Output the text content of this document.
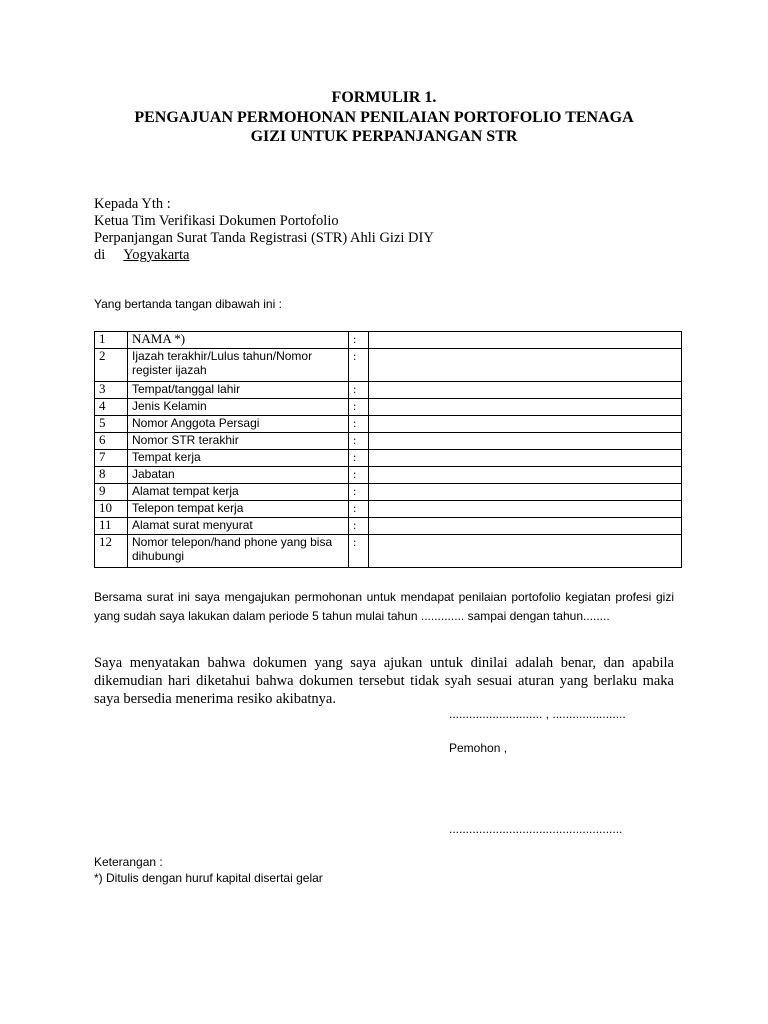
FORMULIR 1.
PENGAJUAN PERMOHONAN PENILAIAN PORTOFOLIO TENAGA
GIZI UNTUK PERPANJANGAN STR
Kepada Yth :
Ketua Tim Verifikasi Dokumen Portofolio
Perpanjangan Surat Tanda Registrasi (STR) Ahli Gizi DIY
di Yogyakarta
Yang bertanda tangan dibawah ini :
1	NAMA *)	:	
2	Ijazah terakhir/Lulus tahun/Nomor register ijazah	:	
3	Tempat/tanggal lahir	:	
4	Jenis Kelamin	:	
5	Nomor Anggota Persagi	:	
6	Nomor STR terakhir	:	
7	Tempat kerja	:	
8	Jabatan	:	
9	Alamat tempat kerja	:	
10	Telepon tempat kerja	:	
11	Alamat surat menyurat	:	
12	Nomor telepon/hand phone yang bisa dihubungi	:	
Bersama surat ini saya mengajukan permohonan untuk mendapat penilaian portofolio kegiatan profesi gizi yang sudah saya lakukan dalam periode 5 tahun mulai tahun ............. sampai dengan tahun........
Saya menyatakan bahwa dokumen yang saya ajukan untuk dinilai adalah benar, dan apabila dikemudian hari diketahui bahwa dokumen tersebut tidak syah sesuai aturan yang berlaku maka saya bersedia menerima resiko akibatnya.
............................ , ......................
Pemohon ,
....................................................
Keterangan :
*) Ditulis dengan huruf kapital disertai gelar
